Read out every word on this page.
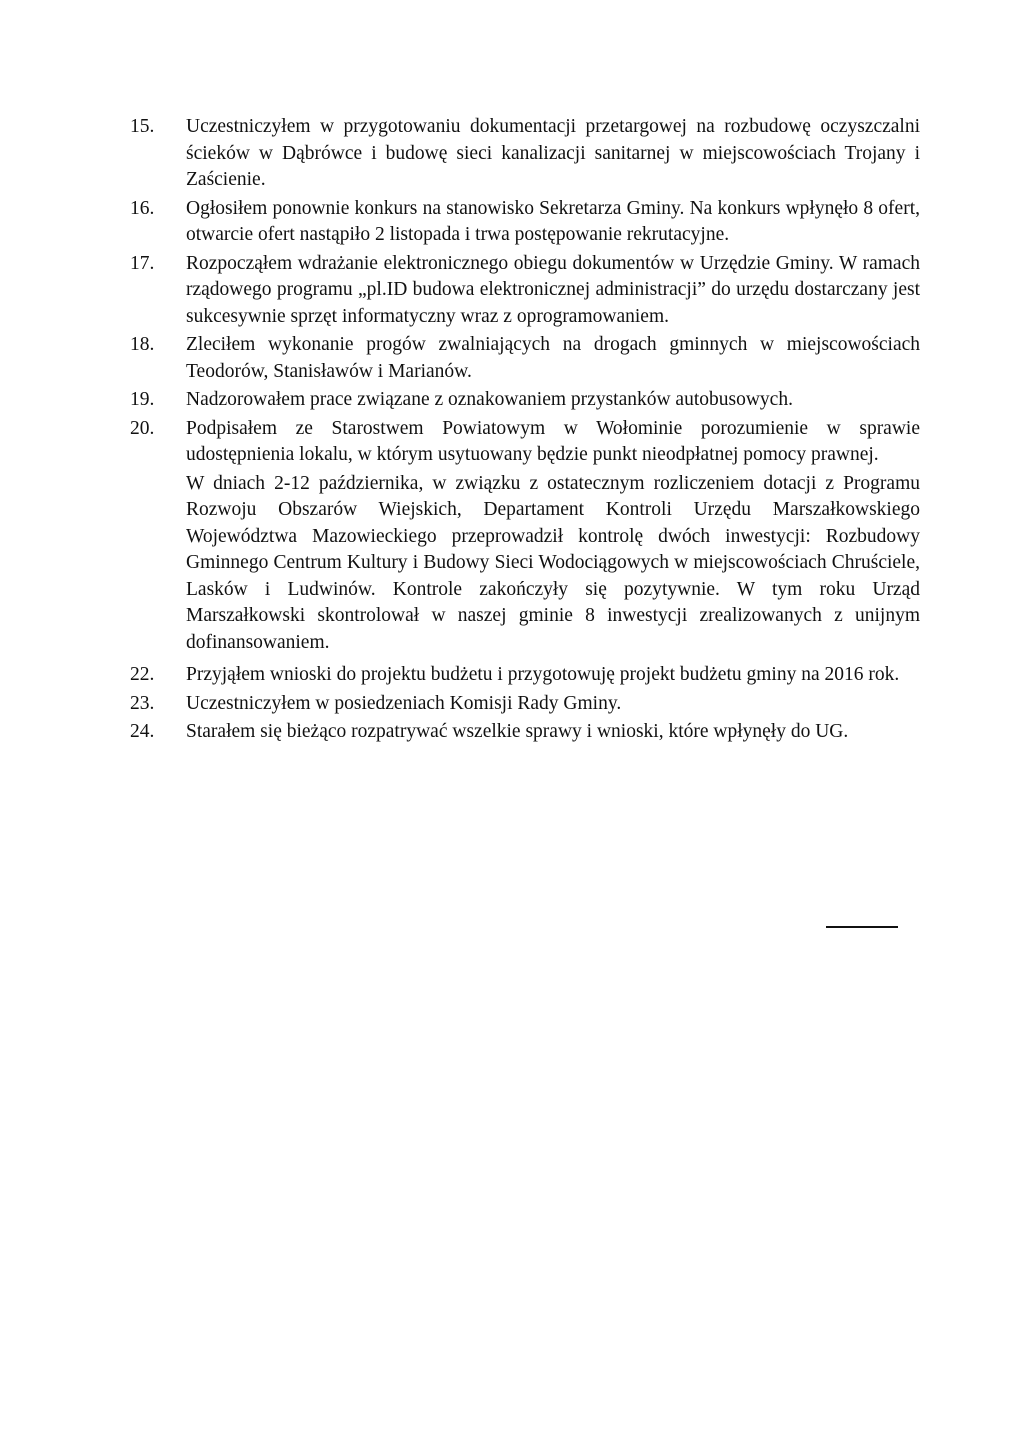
15.	Uczestniczyłem w przygotowaniu dokumentacji przetargowej na rozbudowę oczyszczalni ścieków w Dąbrówce i budowę sieci kanalizacji sanitarnej w miejscowościach Trojany i Zaścienie.
16.	Ogłosiłem ponownie konkurs na stanowisko Sekretarza Gminy. Na konkurs wpłynęło 8 ofert, otwarcie ofert nastąpiło 2 listopada i trwa postępowanie rekrutacyjne.
17.	Rozpocząłem wdrażanie elektronicznego obiegu dokumentów w Urzędzie Gminy. W ramach rządowego programu „pl.ID budowa elektronicznej administracji” do urzędu dostarczany jest sukcesywnie sprzęt informatyczny wraz z oprogramowaniem.
18.	Zleciłem wykonanie progów zwalniających na drogach gminnych w miejscowościach Teodorów, Stanisławów i Marianów.
19.	Nadzorowałem prace związane z oznakowaniem przystanków autobusowych.
20.	Podpisałem ze Starostwem Powiatowym w Wołominie porozumienie w sprawie udostępnienia lokalu, w którym usytuowany będzie punkt nieodpłatnej pomocy prawnej.
W dniach 2-12 października, w związku z ostatecznym rozliczeniem dotacji z Programu Rozwoju Obszarów Wiejskich, Departament Kontroli Urzędu Marszałkowskiego Województwa Mazowieckiego przeprowadził kontrolę dwóch inwestycji: Rozbudowy Gminnego Centrum Kultury i Budowy Sieci Wodociągowych w miejscowościach Chruściele, Lasków i Ludwinów. Kontrole zakończyły się pozytywnie. W tym roku Urząd Marszałkowski skontrolował w naszej gminie 8 inwestycji zrealizowanych z unijnym dofinansowaniem.
22.	Przyjąłem wnioski do projektu budżetu i przygotowuję projekt budżetu gminy na 2016 rok.
23.	Uczestniczyłem w posiedzeniach Komisji Rady Gminy.
24.	Starałem się bieżąco rozpatrywać wszelkie sprawy i wnioski, które wpłynęły do UG.
